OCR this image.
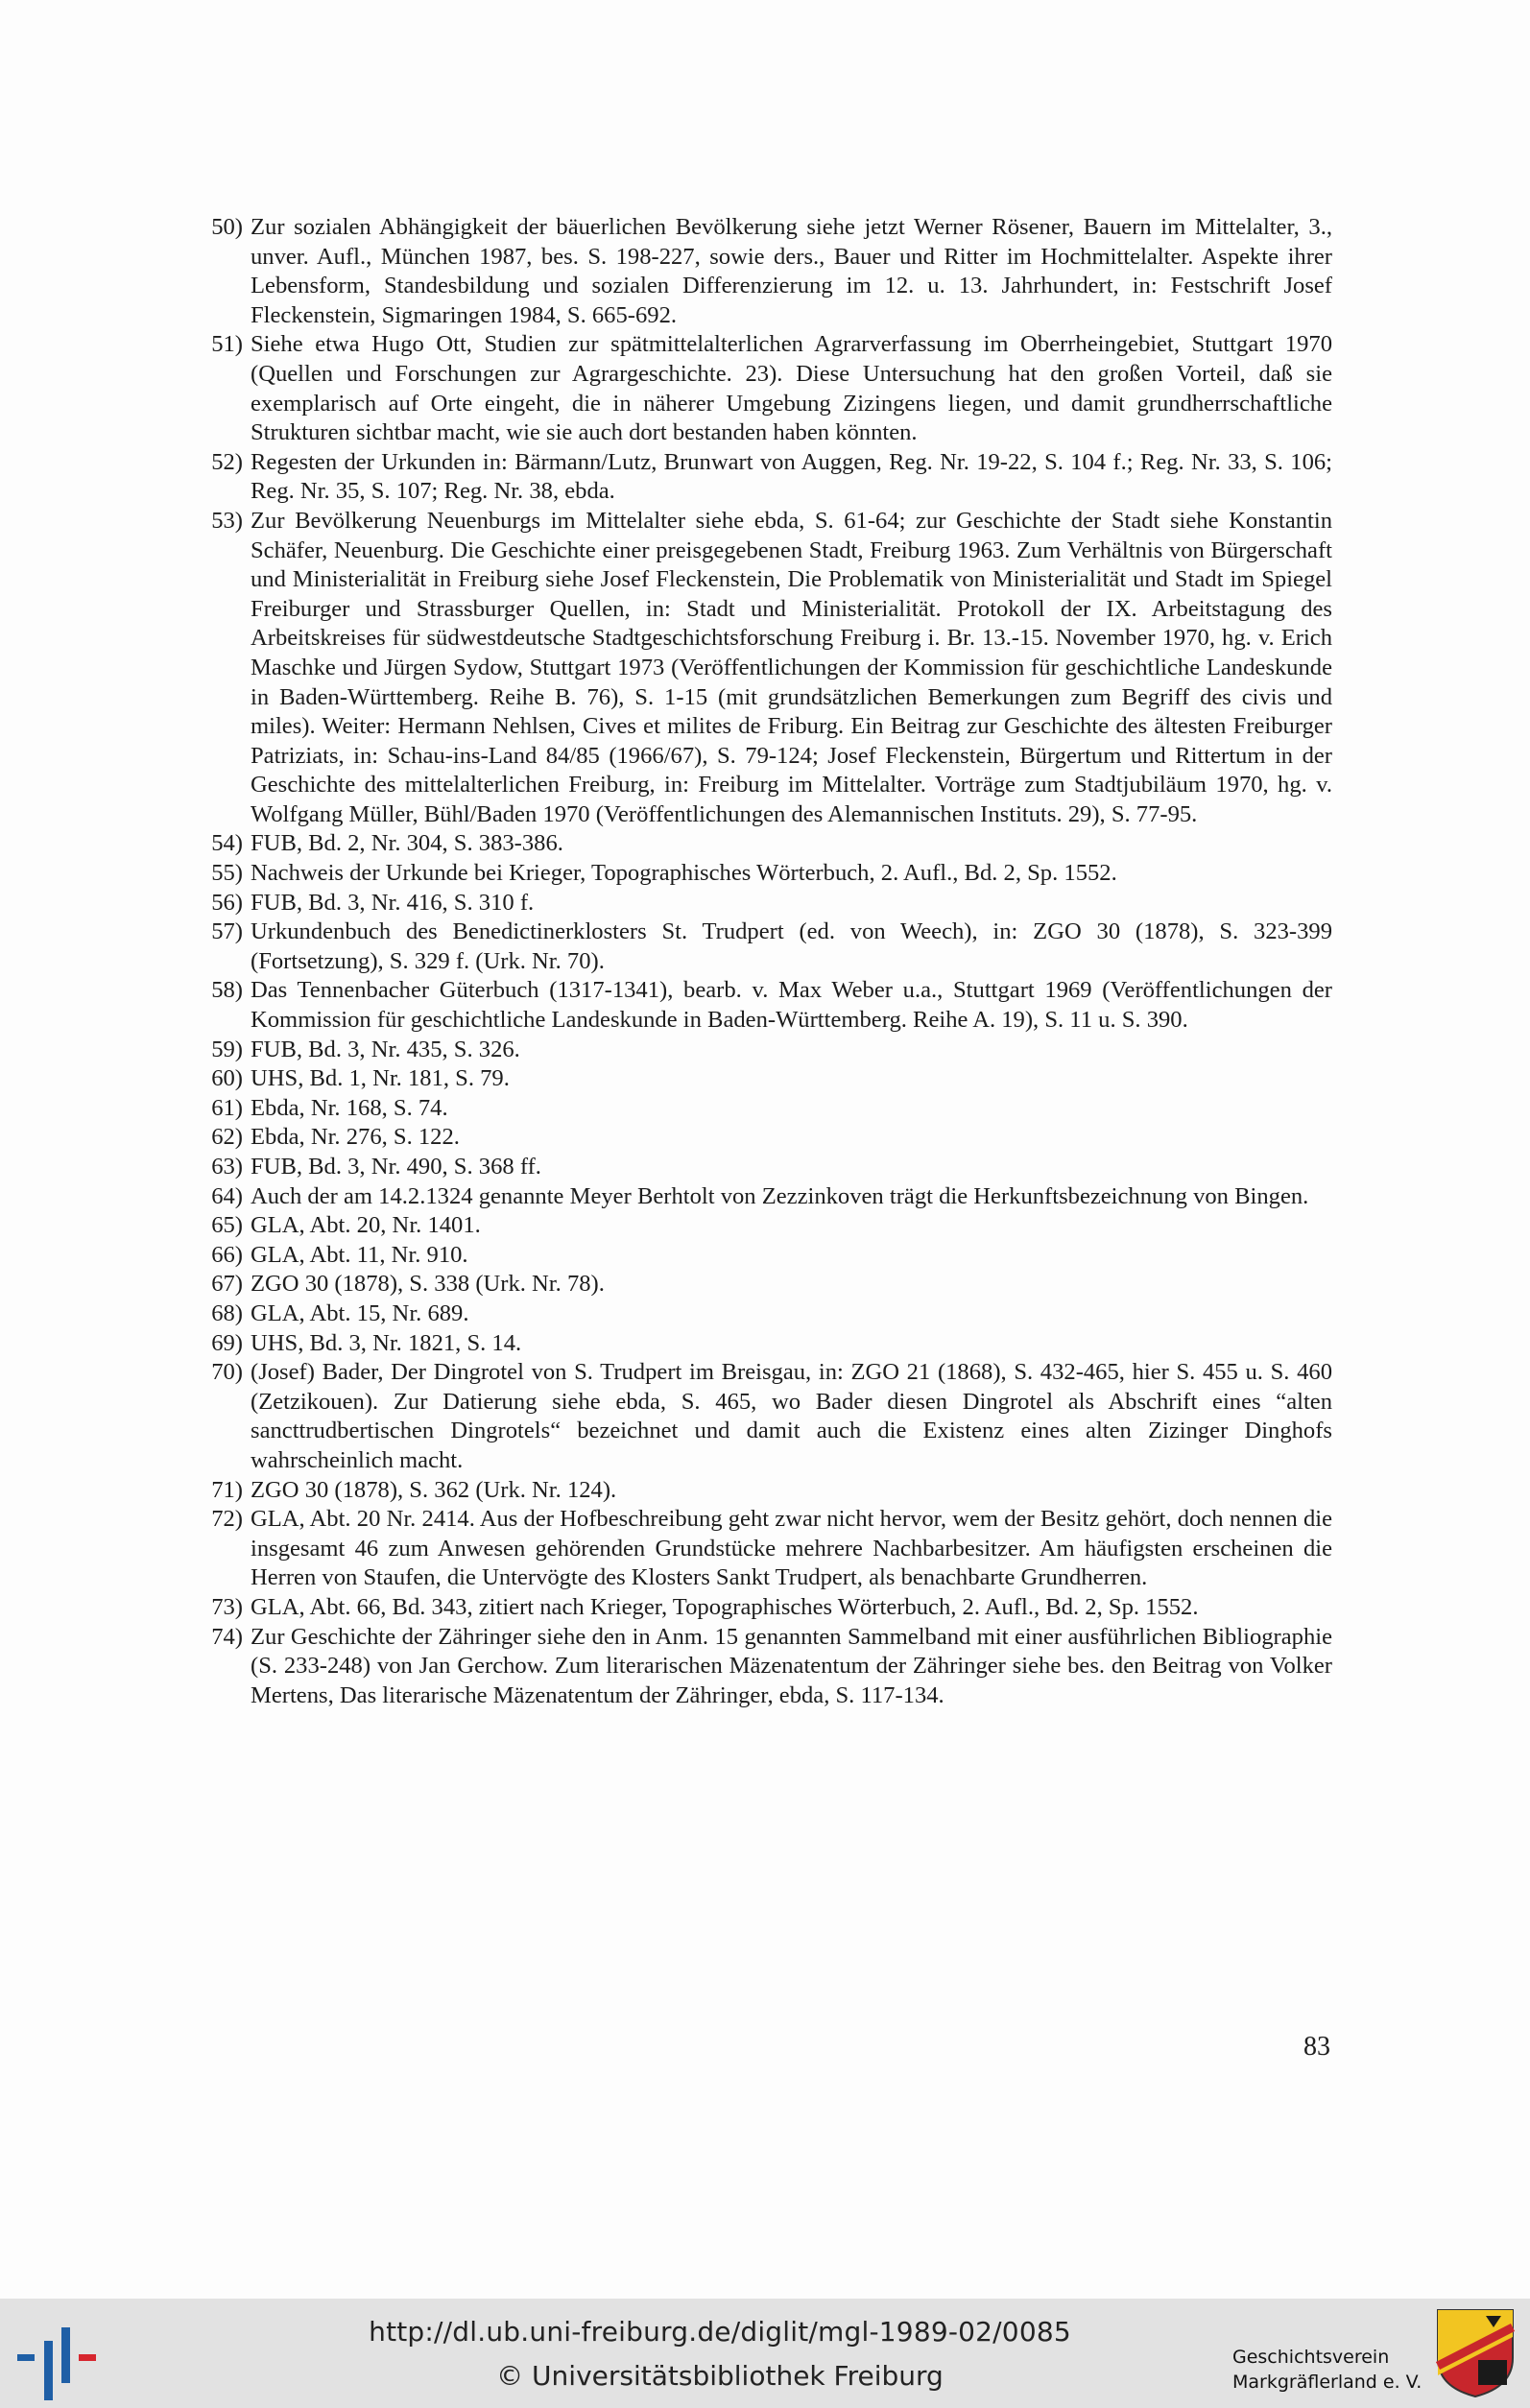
50) Zur sozialen Abhängigkeit der bäuerlichen Bevölkerung siehe jetzt Werner Rösener, Bauern im Mittelalter, 3., unver. Aufl., München 1987, bes. S. 198-227, sowie ders., Bauer und Ritter im Hochmittelalter. Aspekte ihrer Lebensform, Standesbildung und sozialen Differenzierung im 12. u. 13. Jahrhundert, in: Festschrift Josef Fleckenstein, Sigmaringen 1984, S. 665-692.
51) Siehe etwa Hugo Ott, Studien zur spätmittelalterlichen Agrarverfassung im Oberrheingebiet, Stuttgart 1970 (Quellen und Forschungen zur Agrargeschichte. 23). Diese Untersuchung hat den großen Vorteil, daß sie exemplarisch auf Orte eingeht, die in näherer Umgebung Zizingens liegen, und damit grundherrschaftliche Strukturen sichtbar macht, wie sie auch dort bestanden haben könnten.
52) Regesten der Urkunden in: Bärmann/Lutz, Brunwart von Auggen, Reg. Nr. 19-22, S. 104 f.; Reg. Nr. 33, S. 106; Reg. Nr. 35, S. 107; Reg. Nr. 38, ebda.
53) Zur Bevölkerung Neuenburgs im Mittelalter siehe ebda, S. 61-64; zur Geschichte der Stadt siehe Konstantin Schäfer, Neuenburg. Die Geschichte einer preisgegebenen Stadt, Freiburg 1963. Zum Verhältnis von Bürgerschaft und Ministerialität in Freiburg siehe Josef Fleckenstein, Die Problematik von Ministerialität und Stadt im Spiegel Freiburger und Strassburger Quellen, in: Stadt und Ministerialität. Protokoll der IX. Arbeitstagung des Arbeitskreises für südwestdeutsche Stadtgeschichtsforschung Freiburg i. Br. 13.-15. November 1970, hg. v. Erich Maschke und Jürgen Sydow, Stuttgart 1973 (Veröffentlichungen der Kommission für geschichtliche Landeskunde in Baden-Württemberg. Reihe B. 76), S. 1-15 (mit grundsätzlichen Bemerkungen zum Begriff des civis und miles). Weiter: Hermann Nehlsen, Cives et milites de Friburg. Ein Beitrag zur Geschichte des ältesten Freiburger Patriziats, in: Schau-ins-Land 84/85 (1966/67), S. 79-124; Josef Fleckenstein, Bürgertum und Rittertum in der Geschichte des mittelalterlichen Freiburg, in: Freiburg im Mittelalter. Vorträge zum Stadtjubiläum 1970, hg. v. Wolfgang Müller, Bühl/Baden 1970 (Veröffentlichungen des Alemannischen Instituts. 29), S. 77-95.
54) FUB, Bd. 2, Nr. 304, S. 383-386.
55) Nachweis der Urkunde bei Krieger, Topographisches Wörterbuch, 2. Aufl., Bd. 2, Sp. 1552.
56) FUB, Bd. 3, Nr. 416, S. 310 f.
57) Urkundenbuch des Benedictinerklosters St. Trudpert (ed. von Weech), in: ZGO 30 (1878), S. 323-399 (Fortsetzung), S. 329 f. (Urk. Nr. 70).
58) Das Tennenbacher Güterbuch (1317-1341), bearb. v. Max Weber u.a., Stuttgart 1969 (Veröffentlichungen der Kommission für geschichtliche Landeskunde in Baden-Württemberg. Reihe A. 19), S. 11 u. S. 390.
59) FUB, Bd. 3, Nr. 435, S. 326.
60) UHS, Bd. 1, Nr. 181, S. 79.
61) Ebda, Nr. 168, S. 74.
62) Ebda, Nr. 276, S. 122.
63) FUB, Bd. 3, Nr. 490, S. 368 ff.
64) Auch der am 14.2.1324 genannte Meyer Berhtolt von Zezzinkoven trägt die Herkunftsbezeichnung von Bingen.
65) GLA, Abt. 20, Nr. 1401.
66) GLA, Abt. 11, Nr. 910.
67) ZGO 30 (1878), S. 338 (Urk. Nr. 78).
68) GLA, Abt. 15, Nr. 689.
69) UHS, Bd. 3, Nr. 1821, S. 14.
70) (Josef) Bader, Der Dingrotel von S. Trudpert im Breisgau, in: ZGO 21 (1868), S. 432-465, hier S. 455 u. S. 460 (Zetzikouen). Zur Datierung siehe ebda, S. 465, wo Bader diesen Dingrotel als Abschrift eines “alten sancttrudbertischen Dingrotels“ bezeichnet und damit auch die Existenz eines alten Zizinger Dinghofs wahrscheinlich macht.
71) ZGO 30 (1878), S. 362 (Urk. Nr. 124).
72) GLA, Abt. 20 Nr. 2414. Aus der Hofbeschreibung geht zwar nicht hervor, wem der Besitz gehört, doch nennen die insgesamt 46 zum Anwesen gehörenden Grundstücke mehrere Nachbarbesitzer. Am häufigsten erscheinen die Herren von Staufen, die Untervögte des Klosters Sankt Trudpert, als benachbarte Grundherren.
73) GLA, Abt. 66, Bd. 343, zitiert nach Krieger, Topographisches Wörterbuch, 2. Aufl., Bd. 2, Sp. 1552.
74) Zur Geschichte der Zähringer siehe den in Anm. 15 genannten Sammelband mit einer ausführlichen Bibliographie (S. 233-248) von Jan Gerchow. Zum literarischen Mäzenatentum der Zähringer siehe bes. den Beitrag von Volker Mertens, Das literarische Mäzenatentum der Zähringer, ebda, S. 117-134.
83
http://dl.ub.uni-freiburg.de/diglit/mgl-1989-02/0085
© Universitätsbibliothek Freiburg
Geschichtsverein
Markgräflerland e. V.
